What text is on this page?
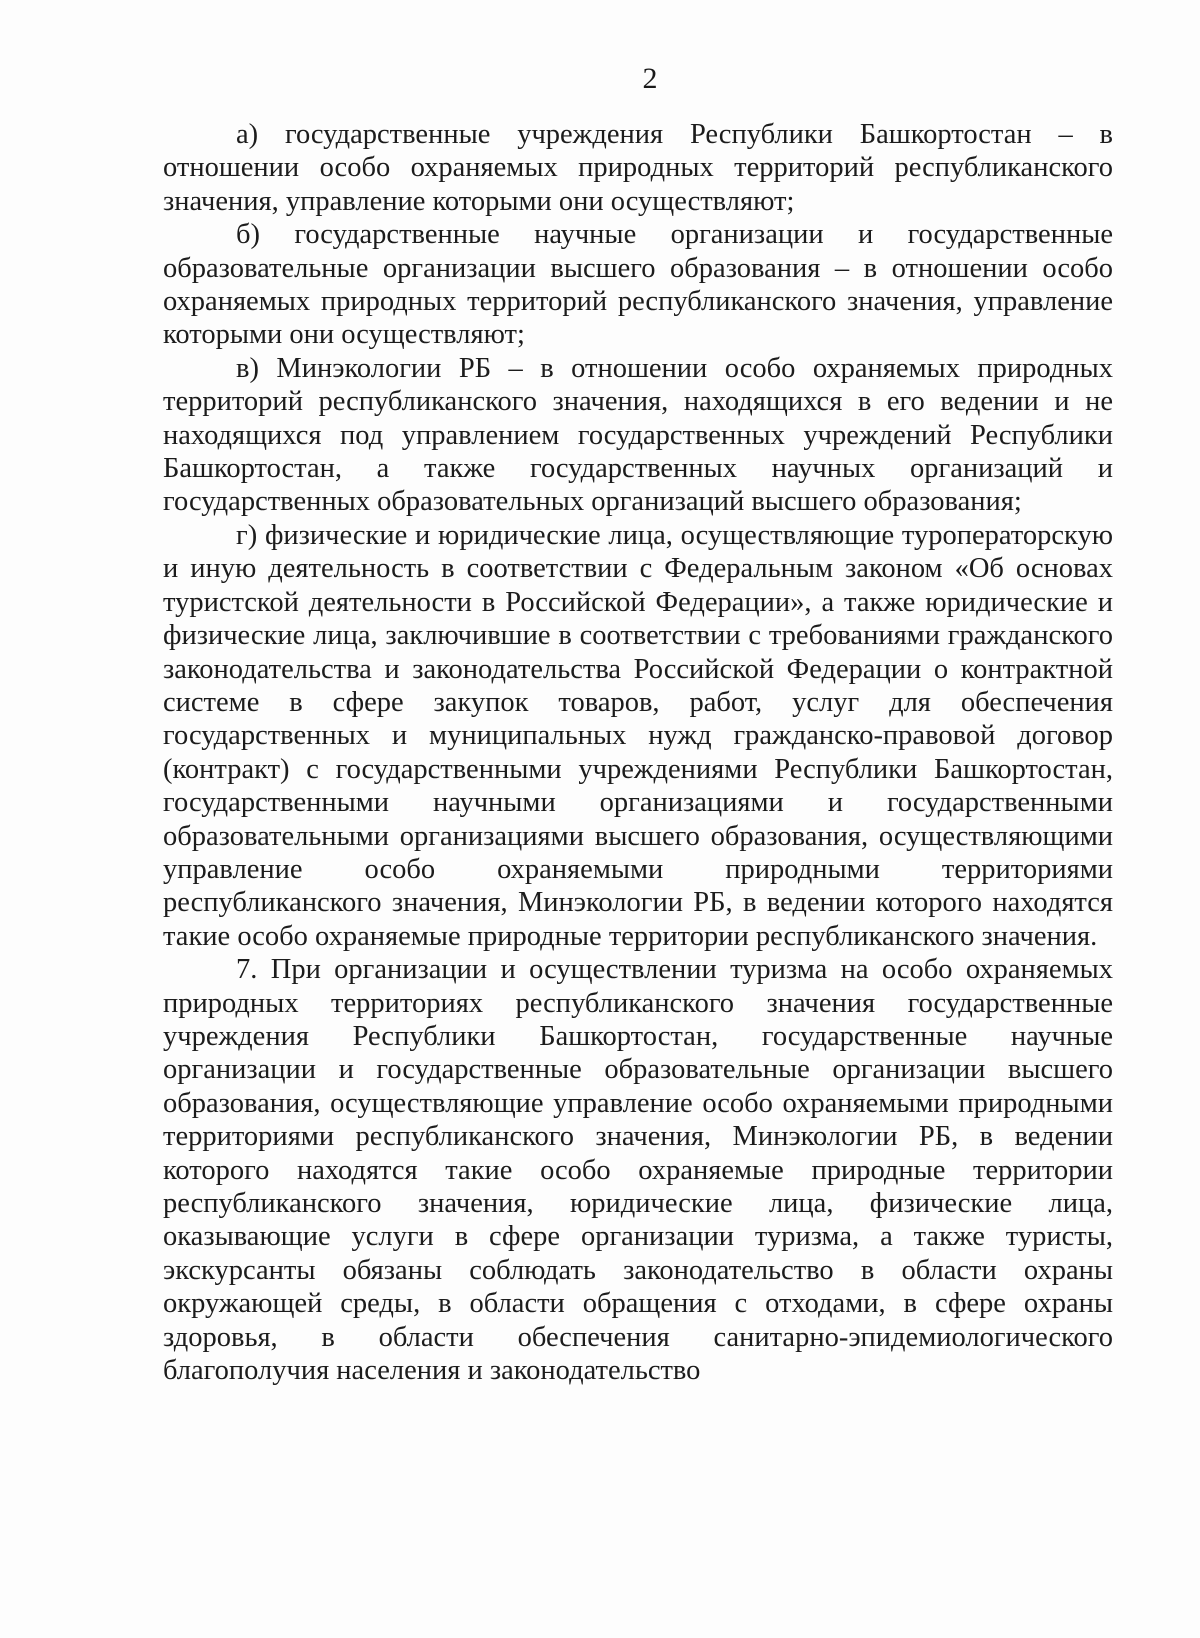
2

а) государственные учреждения Республики Башкортостан – в отношении особо охраняемых природных территорий республиканского значения, управление которыми они осуществляют;

б) государственные научные организации и государственные образовательные организации высшего образования – в отношении особо охраняемых природных территорий республиканского значения, управление которыми они осуществляют;

в) Минэкологии РБ – в отношении особо охраняемых природных территорий республиканского значения, находящихся в его ведении и не находящихся под управлением государственных учреждений Республики Башкортостан, а также государственных научных организаций и государственных образовательных организаций высшего образования;

г) физические и юридические лица, осуществляющие туроператорскую и иную деятельность в соответствии с Федеральным законом «Об основах туристской деятельности в Российской Федерации», а также юридические и физические лица, заключившие в соответствии с требованиями гражданского законодательства и законодательства Российской Федерации о контрактной системе в сфере закупок товаров, работ, услуг для обеспечения государственных и муниципальных нужд гражданско-правовой договор (контракт) с государственными учреждениями Республики Башкортостан, государственными научными организациями и государственными образовательными организациями высшего образования, осуществляющими управление особо охраняемыми природными территориями республиканского значения, Минэкологии РБ, в ведении которого находятся такие особо охраняемые природные территории республиканского значения.

7. При организации и осуществлении туризма на особо охраняемых природных территориях республиканского значения государственные учреждения Республики Башкортостан, государственные научные организации и государственные образовательные организации высшего образования, осуществляющие управление особо охраняемыми природными территориями республиканского значения, Минэкологии РБ, в ведении которого находятся такие особо охраняемые природные территории республиканского значения, юридические лица, физические лица, оказывающие услуги в сфере организации туризма, а также туристы, экскурсанты обязаны соблюдать законодательство в области охраны окружающей среды, в области обращения с отходами, в сфере охраны здоровья, в области обеспечения санитарно-эпидемиологического благополучия населения и законодательство
